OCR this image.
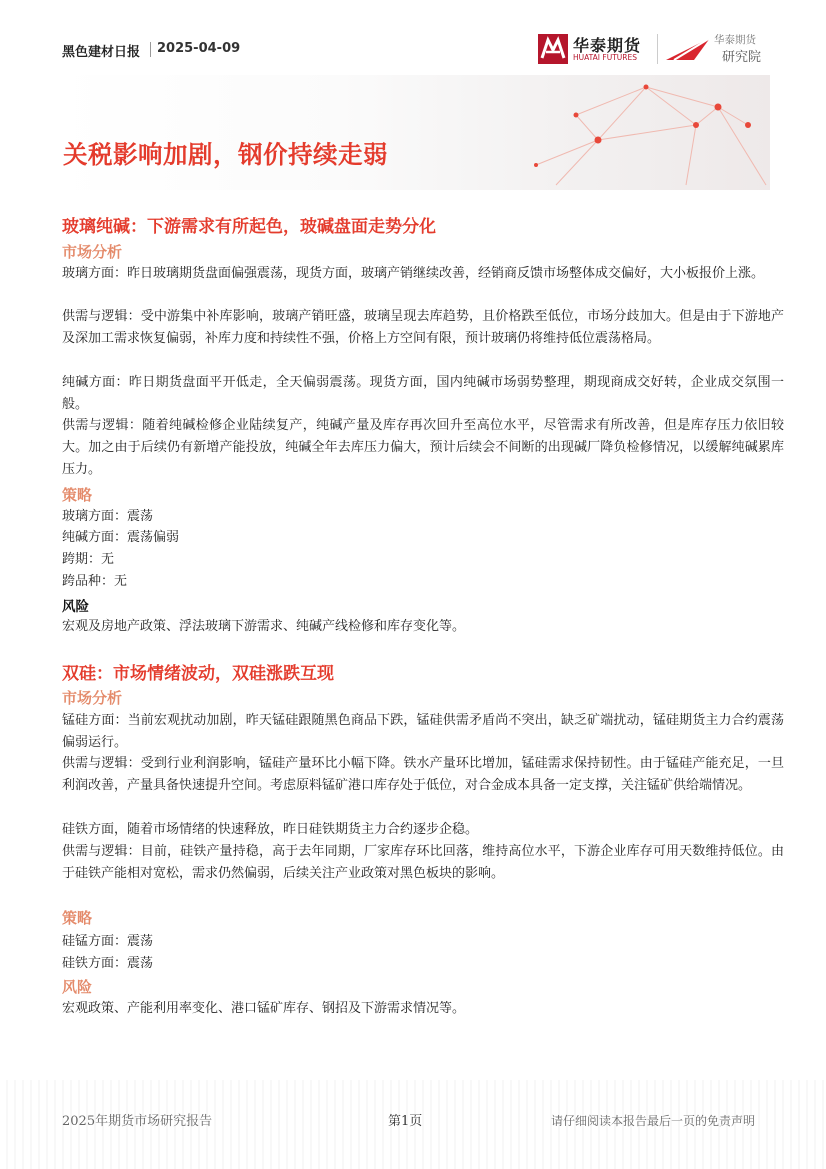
黑色建材日报 2025-04-09	华泰期货
HUATAI FUTURES
华泰期货
研究院
关税影响加剧，钢价持续走弱
玻璃纯碱：下游需求有所起色，玻碱盘面走势分化
市场分析
玻璃方面：昨日玻璃期货盘面偏强震荡，现货方面，玻璃产销继续改善，经销商反馈市场整体成交偏好，大小板报价上涨。
供需与逻辑：受中游集中补库影响，玻璃产销旺盛，玻璃呈现去库趋势，且价格跌至低位，市场分歧加大。但是由于下游地产及深加工需求恢复偏弱，补库力度和持续性不强，价格上方空间有限，预计玻璃仍将维持低位震荡格局。
纯碱方面：昨日期货盘面平开低走，全天偏弱震荡。现货方面，国内纯碱市场弱势整理，期现商成交好转，企业成交氛围一般。
供需与逻辑：随着纯碱检修企业陆续复产，纯碱产量及库存再次回升至高位水平，尽管需求有所改善，但是库存压力依旧较大。加之由于后续仍有新增产能投放，纯碱全年去库压力偏大，预计后续会不间断的出现碱厂降负检修情况，以缓解纯碱累库压力。
策略
玻璃方面：震荡
纯碱方面：震荡偏弱
跨期：无
跨品种：无
风险
宏观及房地产政策、浮法玻璃下游需求、纯碱产线检修和库存变化等。
双硅：市场情绪波动，双硅涨跌互现
市场分析
锰硅方面：当前宏观扰动加剧，昨天锰硅跟随黑色商品下跌，锰硅供需矛盾尚不突出，缺乏矿端扰动，锰硅期货主力合约震荡偏弱运行。
供需与逻辑：受到行业利润影响，锰硅产量环比小幅下降。铁水产量环比增加，锰硅需求保持韧性。由于锰硅产能充足，一旦利润改善，产量具备快速提升空间。考虑原料锰矿港口库存处于低位，对合金成本具备一定支撑，关注锰矿供给端情况。
硅铁方面，随着市场情绪的快速释放，昨日硅铁期货主力合约逐步企稳。
供需与逻辑：目前，硅铁产量持稳，高于去年同期，厂家库存环比回落，维持高位水平，下游企业库存可用天数维持低位。由于硅铁产能相对宽松，需求仍然偏弱，后续关注产业政策对黑色板块的影响。
策略
硅锰方面：震荡
硅铁方面：震荡
风险
宏观政策、产能利用率变化、港口锰矿库存、钢招及下游需求情况等。
2025年期货市场研究报告	第1页	请仔细阅读本报告最后一页的免责声明
